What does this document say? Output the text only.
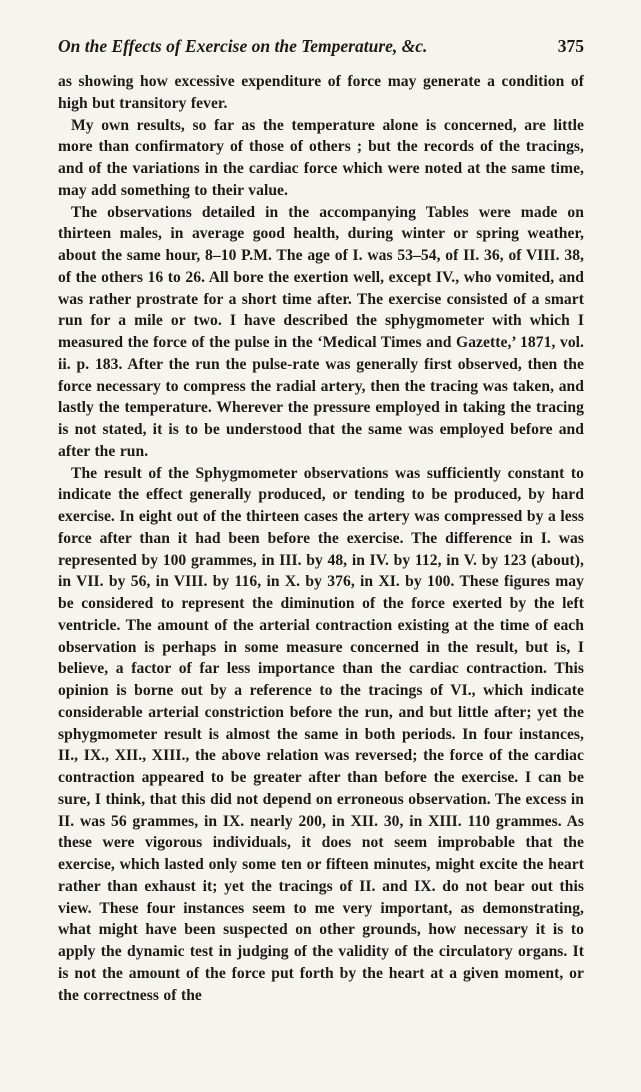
On the Effects of Exercise on the Temperature, &c.	375

as showing how excessive expenditure of force may generate a condition of high but transitory fever.

My own results, so far as the temperature alone is concerned, are little more than confirmatory of those of others ; but the records of the tracings, and of the variations in the cardiac force which were noted at the same time, may add something to their value.

The observations detailed in the accompanying Tables were made on thirteen males, in average good health, during winter or spring weather, about the same hour, 8–10 P.M. The age of I. was 53–54, of II. 36, of VIII. 38, of the others 16 to 26. All bore the exertion well, except IV., who vomited, and was rather prostrate for a short time after. The exercise consisted of a smart run for a mile or two. I have described the sphygmometer with which I measured the force of the pulse in the ‘Medical Times and Gazette,’ 1871, vol. ii. p. 183. After the run the pulse-rate was generally first observed, then the force necessary to compress the radial artery, then the tracing was taken, and lastly the temperature. Wherever the pressure employed in taking the tracing is not stated, it is to be understood that the same was employed before and after the run.

The result of the Sphygmometer observations was sufficiently constant to indicate the effect generally produced, or tending to be produced, by hard exercise. In eight out of the thirteen cases the artery was compressed by a less force after than it had been before the exercise. The difference in I. was represented by 100 grammes, in III. by 48, in IV. by 112, in V. by 123 (about), in VII. by 56, in VIII. by 116, in X. by 376, in XI. by 100. These figures may be considered to represent the diminution of the force exerted by the left ventricle. The amount of the arterial contraction existing at the time of each observation is perhaps in some measure concerned in the result, but is, I believe, a factor of far less importance than the cardiac contraction. This opinion is borne out by a reference to the tracings of VI., which indicate considerable arterial constriction before the run, and but little after; yet the sphygmometer result is almost the same in both periods. In four instances, II., IX., XII., XIII., the above relation was reversed; the force of the cardiac contraction appeared to be greater after than before the exercise. I can be sure, I think, that this did not depend on erroneous observation. The excess in II. was 56 grammes, in IX. nearly 200, in XII. 30, in XIII. 110 grammes. As these were vigorous individuals, it does not seem improbable that the exercise, which lasted only some ten or fifteen minutes, might excite the heart rather than exhaust it; yet the tracings of II. and IX. do not bear out this view. These four instances seem to me very important, as demonstrating, what might have been suspected on other grounds, how necessary it is to apply the dynamic test in judging of the validity of the circulatory organs. It is not the amount of the force put forth by the heart at a given moment, or the correctness of the
